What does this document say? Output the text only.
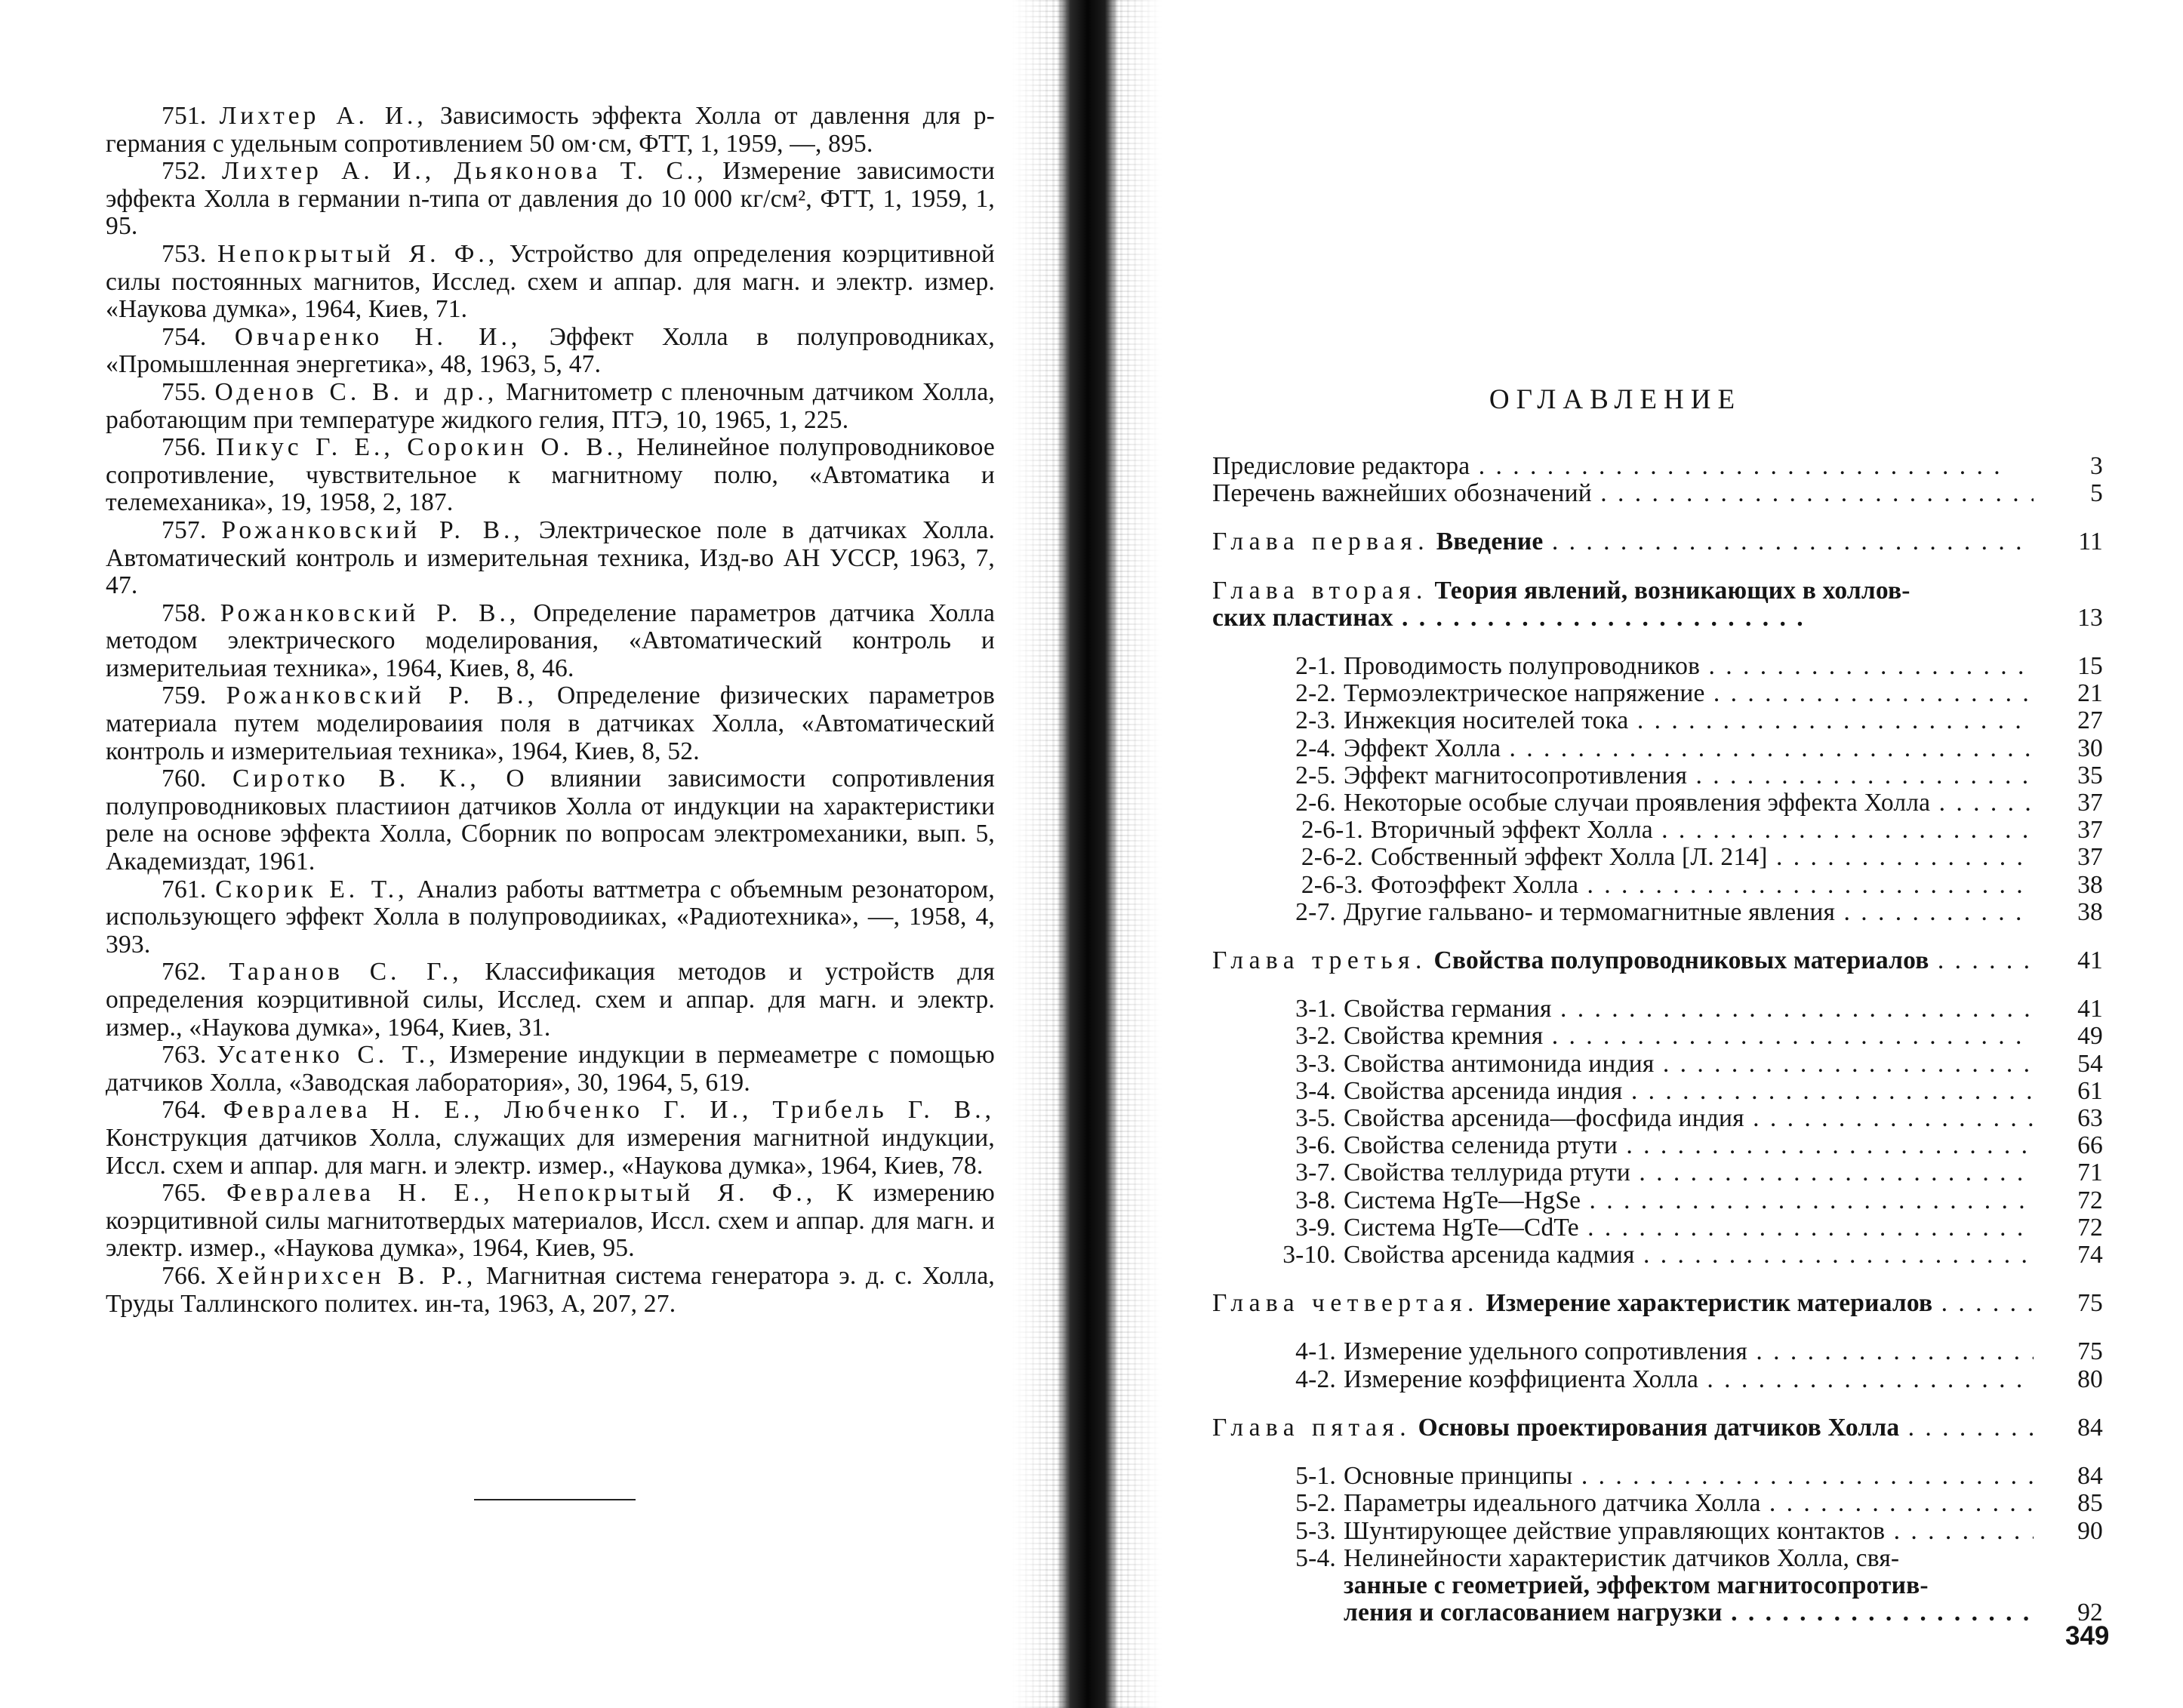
751. Лихтер А. И., Зависимость эффекта Холла от давлення для p-германия с удельным сопротивлением 50 ом·см, ФТТ, 1, 1959, —, 895.

752. Лихтер А. И., Дьяконова Т. С., Измерение зависимости эффекта Холла в германии n-типа от давления до 10 000 кг/см², ФТТ, 1, 1959, 1, 95.

753. Непокрытый Я. Ф., Устройство для определения коэрцитивной силы постоянных магнитов, Исслед. схем и аппар. для магн. и электр. измер. «Наукова думка», 1964, Киев, 71.

754. Овчаренко Н. И., Эффект Холла в полупроводниках, «Промышленная энергетика», 48, 1963, 5, 47.

755. Оденов С. В. и др., Магнитометр с пленочным датчиком Холла, работающим при температуре жидкого гелия, ПТЭ, 10, 1965, 1, 225.

756. Пикус Г. Е., Сорокин О. В., Нелинейное полупроводниковое сопротивление, чувствительное к магнитному полю, «Автоматика и телемеханика», 19, 1958, 2, 187.

757. Рожанковский Р. В., Электрическое поле в датчиках Холла. Автоматический контроль и измерительная техника, Изд-во АН УССР, 1963, 7, 47.

758. Рожанковский Р. В., Определение параметров датчика Холла методом электрического моделирования, «Автоматический контроль и измерительиая техника», 1964, Киев, 8, 46.

759. Рожанковский Р. В., Определение физических параметров материала путем моделироваиия поля в датчиках Холла, «Автоматический контроль и измерительиая техника», 1964, Киев, 8, 52.

760. Сиротко В. К., О влиянии зависимости сопротивления полупроводниковых пластиион датчиков Холла от индукции на характеристики реле на основе эффекта Холла, Сборник по вопросам электромеханики, вып. 5, Академиздат, 1961.

761. Скорик Е. Т., Анализ работы ваттметра с объемным резонатором, использующего эффект Холла в полупроводииках, «Радиотехника», —, 1958, 4, 393.

762. Таранов С. Г., Классификация методов и устройств для определения коэрцитивной силы, Исслед. схем и аппар. для магн. и электр. измер., «Наукова думка», 1964, Киев, 31.

763. Усатенко С. Т., Измерение индукции в пермеаметре с помощью датчиков Холла, «Заводская лаборатория», 30, 1964, 5, 619.

764. Февралева Н. Е., Любченко Г. И., Трибель Г. В., Конструкция датчиков Холла, служащих для измерения магнитной индукции, Иссл. схем и аппар. для магн. и электр. измер., «Наукова думка», 1964, Киев, 78.

765. Февралева Н. Е., Непокрытый Я. Ф., К измерению коэрцитивной силы магнитотвердых материалов, Иссл. схем и аппар. для магн. и электр. измер., «Наукова думка», 1964, Киев, 95.

766. Хейнрихсен В. Р., Магнитная система генератора э. д. с. Холла, Труды Таллинского политех. ин-та, 1963, А, 207, 27.

ОГЛАВЛЕНИЕ
Предисловие редактора . .	3
Перечень важнейших обозначений . .	5
Глава первая. Введение . .	11
Глава вторая. Теория явлений, возникающих в холлов-
ских пластинах . .	13
2-1. Проводимость полупроводников . .	15
2-2. Термоэлектрическое напряжение . .	21
2-3. Инжекция носителей тока . .	27
2-4. Эффект Холла . .	30
2-5. Эффект магнитосопротивления . .	35
2-6. Некоторые особые случаи проявления эффекта Холла . .	37
2-6-1. Вторичный эффект Холла . .	37
2-6-2. Собственный эффект Холла [Л. 214] . .	37
2-6-3. Фотоэффект Холла . .	38
2-7. Другие гальвано- и термомагнитные явления . .	38
Глава третья. Свойства полупроводниковых материалов . .	41
3-1. Свойства германия . .	41
3-2. Свойства кремния . .	49
3-3. Свойства антимонида индия . .	54
3-4. Свойства арсенида индия . .	61
3-5. Свойства арсенида—фосфида индия . .	63
3-6. Свойства селенида ртути . .	66
3-7. Свойства теллурида ртути . .	71
3-8. Система HgTe—HgSe . .	72
3-9. Система HgTe—CdTe . .	72
3-10. Свойства арсенида кадмия . .	74
Глава четвертая. Измерение характеристик материалов . .	75
4-1. Измерение удельного сопротивления . .	75
4-2. Измерение коэффициента Холла . .	80
Глава пятая. Основы проектирования датчиков Холла . .	84
5-1. Основные принципы . .	84
5-2. Параметры идеального датчика Холла . .	85
5-3. Шунтирующее действие управляющих контактов . .	90
5-4. Нелинейности характеристик датчиков Холла, свя-
занные с геометрией, эффектом магнитосопротив-
ления и согласованием нагрузки . .	92
349
